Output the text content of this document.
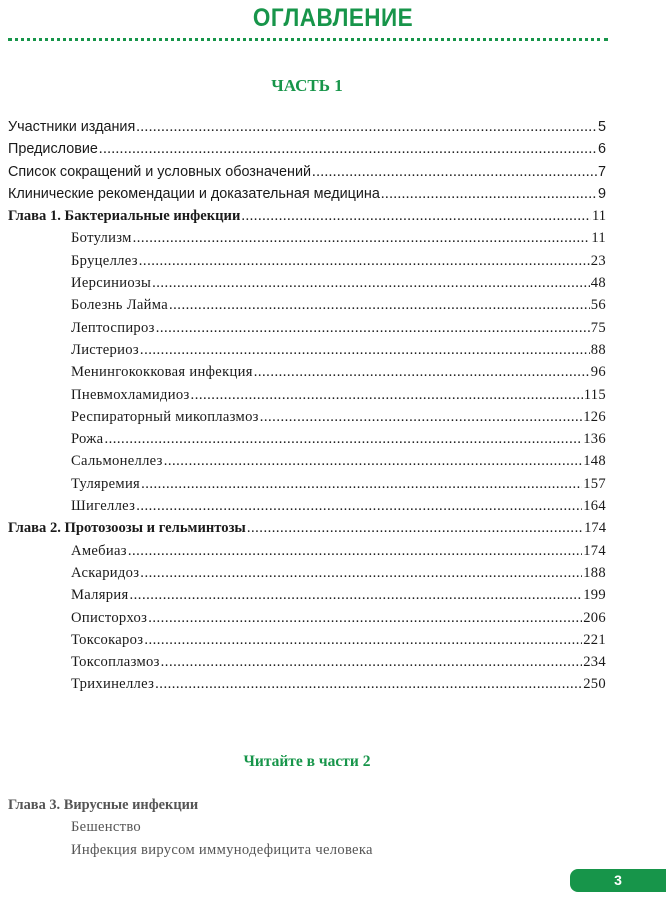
ОГЛАВЛЕНИЕ
ЧАСТЬ 1
Участники издания .....	5
Предисловие .....	6
Список сокращений и условных обозначений .....	7
Клинические рекомендации и доказательная медицина .....	9
Глава 1. Бактериальные инфекции .....	11
Ботулизм .....	11
Бруцеллез .....	23
Иерсиниозы .....	48
Болезнь Лайма .....	56
Лептоспироз .....	75
Листериоз .....	88
Менингококковая инфекция .....	96
Пневмохламидиоз .....	115
Респираторный микоплазмоз .....	126
Рожа .....	136
Сальмонеллез .....	148
Туляремия .....	157
Шигеллез .....	164
Глава 2. Протозоозы и гельминтозы .....	174
Амебиаз .....	174
Аскаридоз .....	188
Малярия .....	199
Описторхоз .....	206
Токсокароз .....	221
Токсоплазмоз .....	234
Трихинеллез .....	250
Читайте в части 2
Глава 3. Вирусные инфекции
Бешенство
Инфекция вирусом иммунодефицита человека
3
